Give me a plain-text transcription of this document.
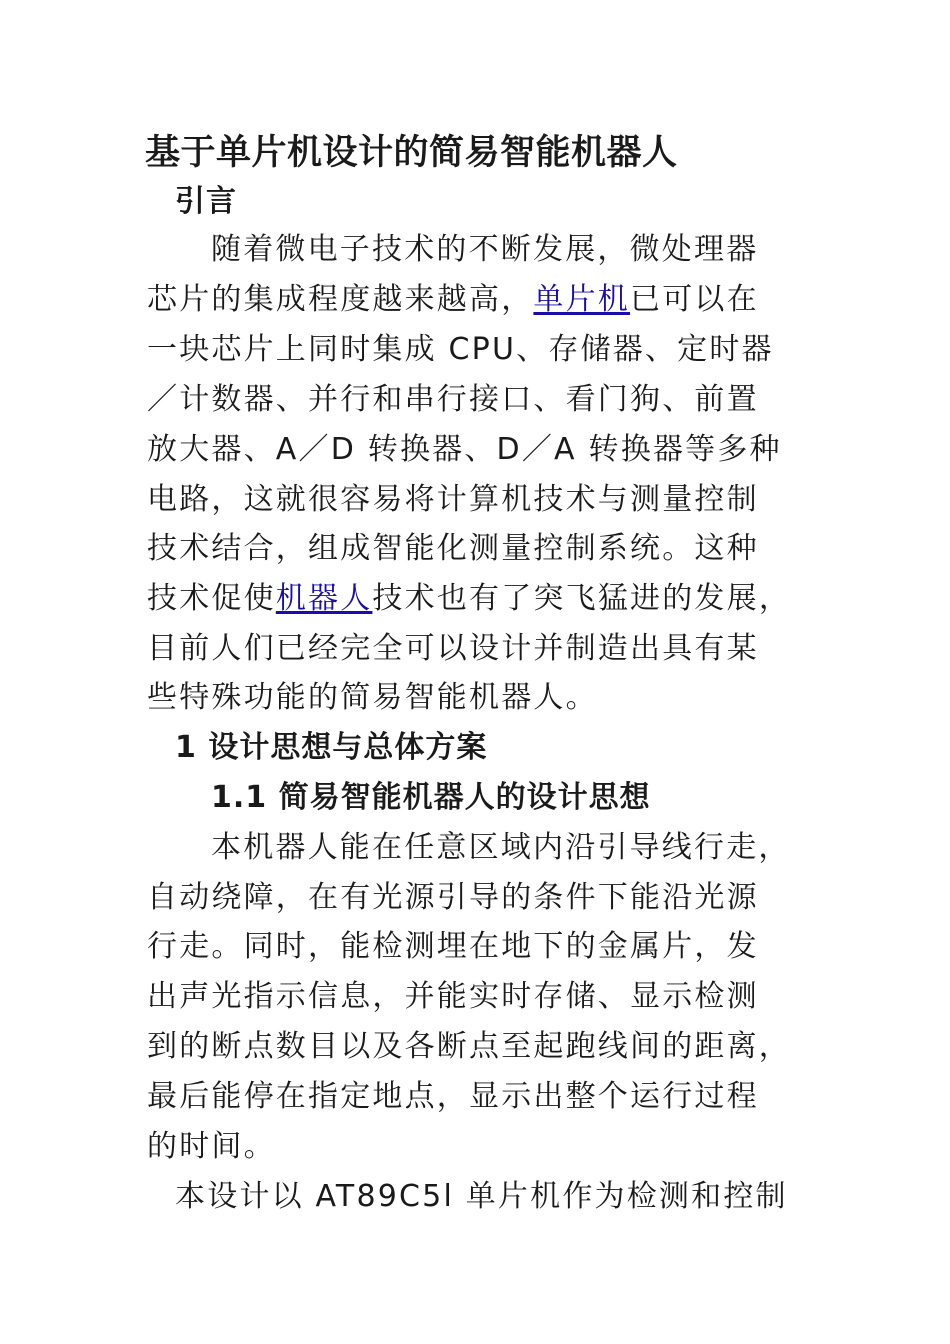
基于单片机设计的简易智能机器人
引言
随着微电子技术的不断发展，微处理器
芯片的集成程度越来越高，单片机已可以在
一块芯片上同时集成 CPU、存储器、定时器
／计数器、并行和串行接口、看门狗、前置
放大器、A／D 转换器、D／A 转换器等多种
电路，这就很容易将计算机技术与测量控制
技术结合，组成智能化测量控制系统。这种
技术促使机器人技术也有了突飞猛进的发展，
目前人们已经完全可以设计并制造出具有某
些特殊功能的简易智能机器人。
1 设计思想与总体方案
1.1 简易智能机器人的设计思想
本机器人能在任意区域内沿引导线行走，
自动绕障，在有光源引导的条件下能沿光源
行走。同时，能检测埋在地下的金属片，发
出声光指示信息，并能实时存储、显示检测
到的断点数目以及各断点至起跑线间的距离，
最后能停在指定地点，显示出整个运行过程
的时间。
本设计以 AT89C5l 单片机作为检测和控制
